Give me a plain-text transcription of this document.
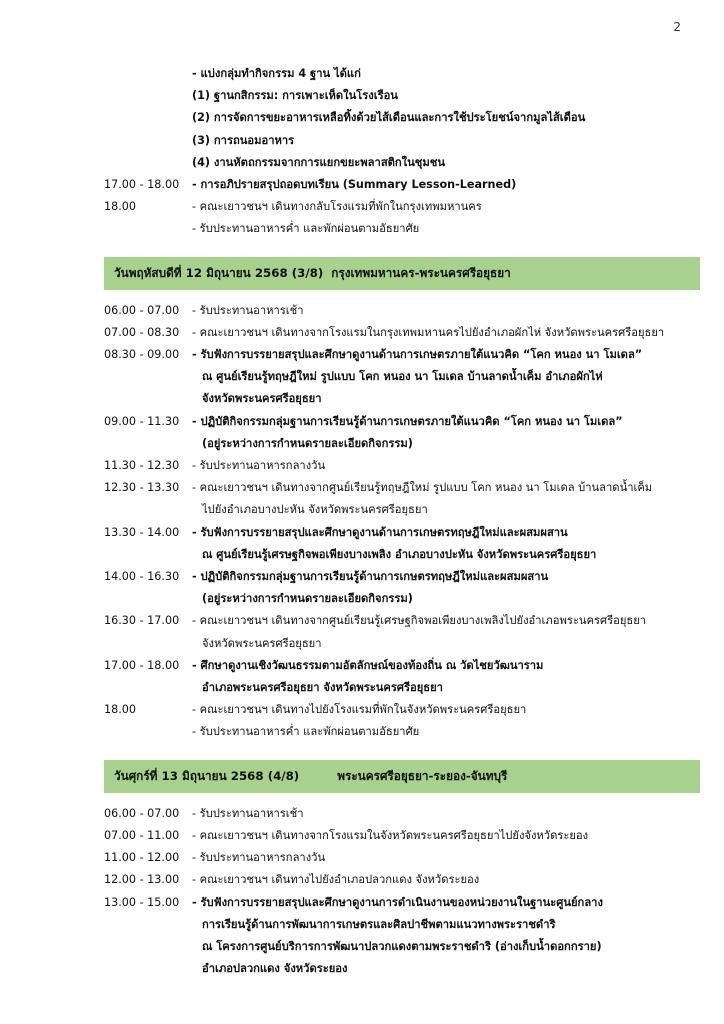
2
- แบ่งกลุ่มทำกิจกรรม 4 ฐาน ได้แก่
(1) ฐานกสิกรรม: การเพาะเห็ดในโรงเรือน
(2) การจัดการขยะอาหารเหลือทิ้งด้วยไส้เดือนและการใช้ประโยชน์จากมูลไส้เดือน
(3) การถนอมอาหาร
(4) งานหัตถกรรมจากการแยกขยะพลาสติกในชุมชน
17.00 - 18.00	- การอภิปรายสรุปถอดบทเรียน (Summary Lesson-Learned)
18.00	- คณะเยาวชนฯ เดินทางกลับโรงแรมที่พักในกรุงเทพมหานคร
- รับประทานอาหารค่ำ และพักผ่อนตามอัธยาศัย
วันพฤหัสบดีที่ 12 มิถุนายน 2568 (3/8) กรุงเทพมหานคร-พระนครศรีอยุธยา
06.00 - 07.00	- รับประทานอาหารเช้า
07.00 - 08.30	- คณะเยาวชนฯ เดินทางจากโรงแรมในกรุงเทพมหานครไปยังอำเภอผักไห่ จังหวัดพระนครศรีอยุธยา
08.30 - 09.00	- รับฟังการบรรยายสรุปและศึกษาดูงานด้านการเกษตรภายใต้แนวคิด “โคก หนอง นา โมเดล”
ณ ศูนย์เรียนรู้ทฤษฎีใหม่ รูปแบบ โคก หนอง นา โมเดล บ้านลาดน้ำเค็ม อำเภอผักไห่
จังหวัดพระนครศรีอยุธยา
09.00 - 11.30	- ปฏิบัติกิจกรรมกลุ่มฐานการเรียนรู้ด้านการเกษตรภายใต้แนวคิด “โคก หนอง นา โมเดล”
(อยู่ระหว่างการกำหนดรายละเอียดกิจกรรม)
11.30 - 12.30	- รับประทานอาหารกลางวัน
12.30 - 13.30	- คณะเยาวชนฯ เดินทางจากศูนย์เรียนรู้ทฤษฎีใหม่ รูปแบบ โคก หนอง นา โมเดล บ้านลาดน้ำเค็ม
ไปยังอำเภอบางปะหัน จังหวัดพระนครศรีอยุธยา
13.30 - 14.00	- รับฟังการบรรยายสรุปและศึกษาดูงานด้านการเกษตรทฤษฎีใหม่และผสมผสาน
ณ ศูนย์เรียนรู้เศรษฐกิจพอเพียงบางเพลิง อำเภอบางปะหัน จังหวัดพระนครศรีอยุธยา
14.00 - 16.30	- ปฏิบัติกิจกรรมกลุ่มฐานการเรียนรู้ด้านการเกษตรทฤษฎีใหม่และผสมผสาน
(อยู่ระหว่างการกำหนดรายละเอียดกิจกรรม)
16.30 - 17.00	- คณะเยาวชนฯ เดินทางจากศูนย์เรียนรู้เศรษฐกิจพอเพียงบางเพลิงไปยังอำเภอพระนครศรีอยุธยา
จังหวัดพระนครศรีอยุธยา
17.00 - 18.00	- ศึกษาดูงานเชิงวัฒนธรรมตามอัตลักษณ์ของท้องถิ่น ณ วัดไชยวัฒนาราม
อำเภอพระนครศรีอยุธยา จังหวัดพระนครศรีอยุธยา
18.00	- คณะเยาวชนฯ เดินทางไปยังโรงแรมที่พักในจังหวัดพระนครศรีอยุธยา
- รับประทานอาหารค่ำ และพักผ่อนตามอัธยาศัย
วันศุกร์ที่ 13 มิถุนายน 2568 (4/8)	พระนครศรีอยุธยา-ระยอง-จันทบุรี
06.00 - 07.00	- รับประทานอาหารเช้า
07.00 - 11.00	- คณะเยาวชนฯ เดินทางจากโรงแรมในจังหวัดพระนครศรีอยุธยาไปยังจังหวัดระยอง
11.00 - 12.00	- รับประทานอาหารกลางวัน
12.00 - 13.00	- คณะเยาวชนฯ เดินทางไปยังอำเภอปลวกแดง จังหวัดระยอง
13.00 - 15.00	- รับฟังการบรรยายสรุปและศึกษาดูงานการดำเนินงานของหน่วยงานในฐานะศูนย์กลาง
การเรียนรู้ด้านการพัฒนาการเกษตรและศิลปาชีพตามแนวทางพระราชดำริ
ณ โครงการศูนย์บริการการพัฒนาปลวกแดงตามพระราชดำริ (อ่างเก็บน้ำดอกกราย)
อำเภอปลวกแดง จังหวัดระยอง
